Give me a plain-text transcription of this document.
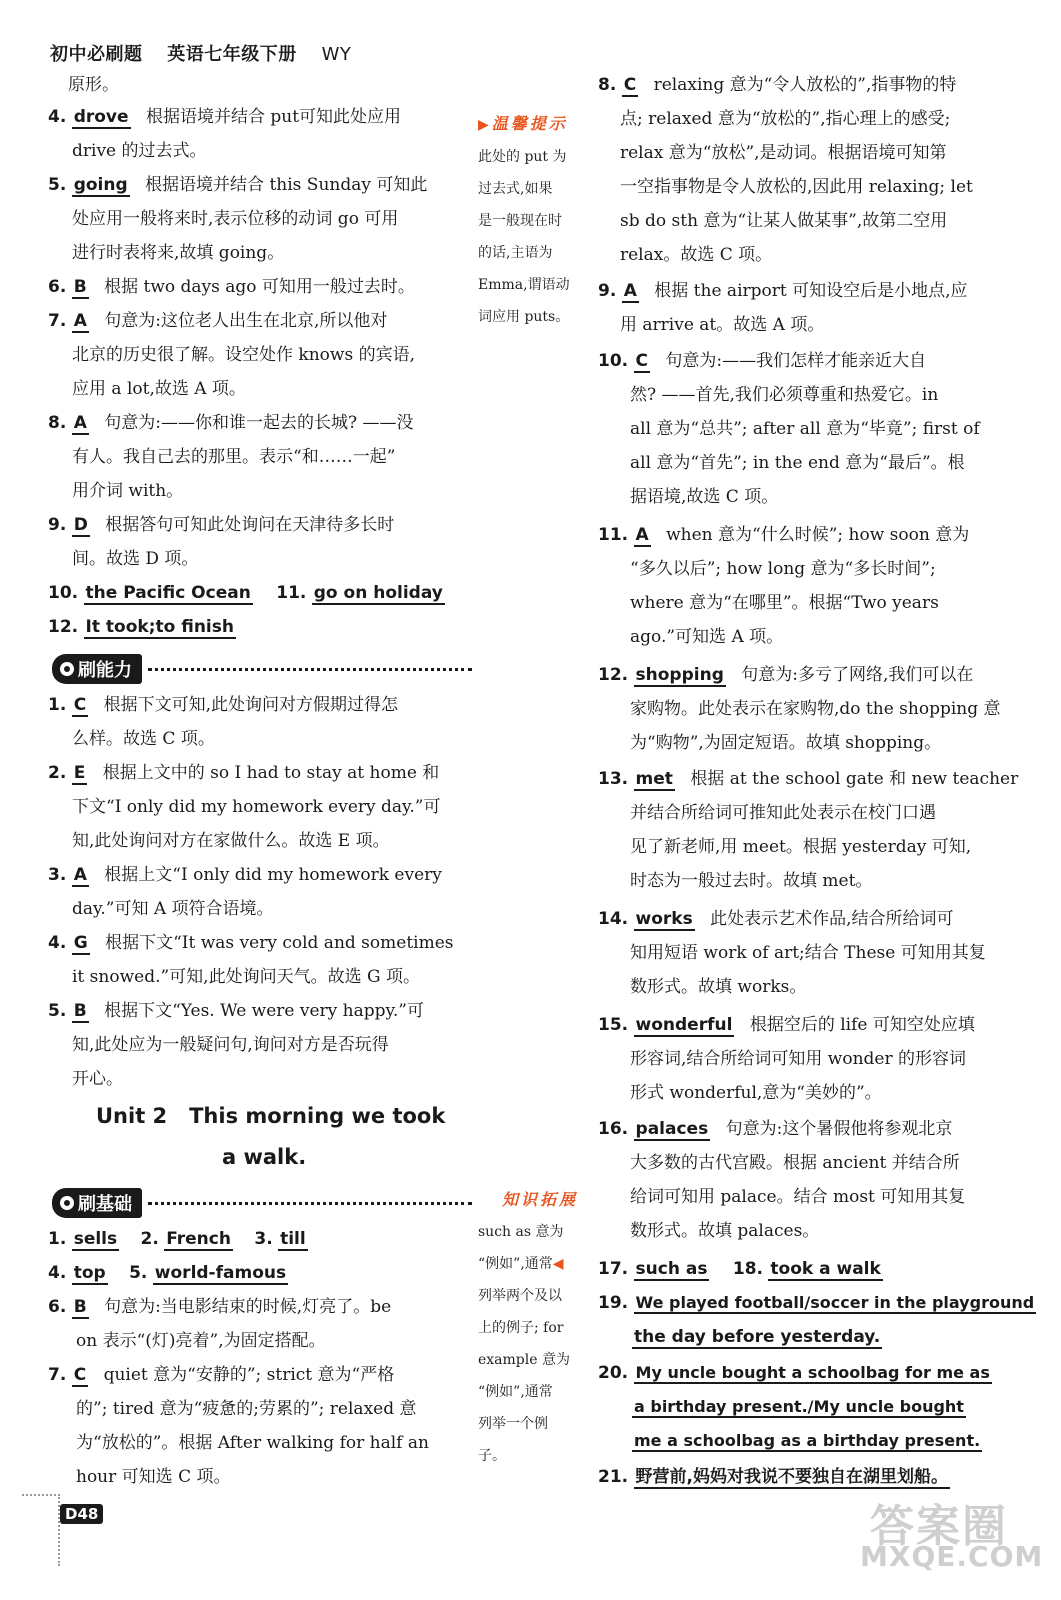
初中必刷题 英语七年级下册 WY
原形。
4. drove 根据语境并结合 put可知此处应用
drive 的过去式。
5. going 根据语境并结合 this Sunday 可知此
处应用一般将来时,表示位移的动词 go 可用
进行时表将来,故填 going。
6. B 根据 two days ago 可知用一般过去时。
7. A 句意为:这位老人出生在北京,所以他对
北京的历史很了解。设空处作 knows 的宾语,
应用 a lot,故选 A 项。
8. A 句意为:——你和谁一起去的长城? ——没
有人。我自己去的那里。表示“和……一起”
用介词 with。
9. D 根据答句可知此处询问在天津待多长时
间。故选 D 项。
10. the Pacific Ocean 11. go on holiday
12. It took;to finish
刷能力
1. C 根据下文可知,此处询问对方假期过得怎
么样。故选 C 项。
2. E 根据上文中的 so I had to stay at home 和
下文“I only did my homework every day.”可
知,此处询问对方在家做什么。故选 E 项。
3. A 根据上文“I only did my homework every
day.”可知 A 项符合语境。
4. G 根据下文“It was very cold and sometimes
it snowed.”可知,此处询问天气。故选 G 项。
5. B 根据下文“Yes. We were very happy.”可
知,此处应为一般疑问句,询问对方是否玩得
开心。
Unit 2   This morning we took
a walk.
刷基础
1. sells 2. French 3. till
4. top 5. world-famous
6. B 句意为:当电影结束的时候,灯亮了。be
on 表示“(灯)亮着”,为固定搭配。
7. C quiet 意为“安静的”; strict 意为“严格
的”; tired 意为“疲惫的;劳累的”; relaxed 意
为“放松的”。根据 After walking for half an
hour 可知选 C 项。
▶温馨提示
此处的 put 为
过去式,如果
是一般现在时
的话,主语为
Emma,谓语动
词应用 puts。
知识拓展
such as 意为
“例如”,通常◀
列举两个及以
上的例子; for
example 意为
“例如”,通常
列举一个例
子。
8. C relaxing 意为“令人放松的”,指事物的特
点; relaxed 意为“放松的”,指心理上的感受;
relax 意为“放松”,是动词。根据语境可知第
一空指事物是令人放松的,因此用 relaxing; let
sb do sth 意为“让某人做某事”,故第二空用
relax。故选 C 项。
9. A 根据 the airport 可知设空后是小地点,应
用 arrive at。故选 A 项。
10. C 句意为:——我们怎样才能亲近大自
然? ——首先,我们必须尊重和热爱它。in
all 意为“总共”; after all 意为“毕竟”; first of
all 意为“首先”; in the end 意为“最后”。根
据语境,故选 C 项。
11. A when 意为“什么时候”; how soon 意为
“多久以后”; how long 意为“多长时间”;
where 意为“在哪里”。根据“Two years
ago.”可知选 A 项。
12. shopping 句意为:多亏了网络,我们可以在
家购物。此处表示在家购物,do the shopping 意
为“购物”,为固定短语。故填 shopping。
13. met 根据 at the school gate 和 new teacher
并结合所给词可推知此处表示在校门口遇
见了新老师,用 meet。根据 yesterday 可知,
时态为一般过去时。故填 met。
14. works 此处表示艺术作品,结合所给词可
知用短语 work of art;结合 These 可知用其复
数形式。故填 works。
15. wonderful 根据空后的 life 可知空处应填
形容词,结合所给词可知用 wonder 的形容词
形式 wonderful,意为“美妙的”。
16. palaces 句意为:这个暑假他将参观北京
大多数的古代宫殿。根据 ancient 并结合所
给词可知用 palace。结合 most 可知用其复
数形式。故填 palaces。
17. such as 18. took a walk
19. We played football/soccer in the playground
the day before yesterday.
20. My uncle bought a schoolbag for me as
a birthday present./My uncle bought
me a schoolbag as a birthday present.
21. 野营前,妈妈对我说不要独自在湖里划船。
D48	答案圈
MXQE.COM
